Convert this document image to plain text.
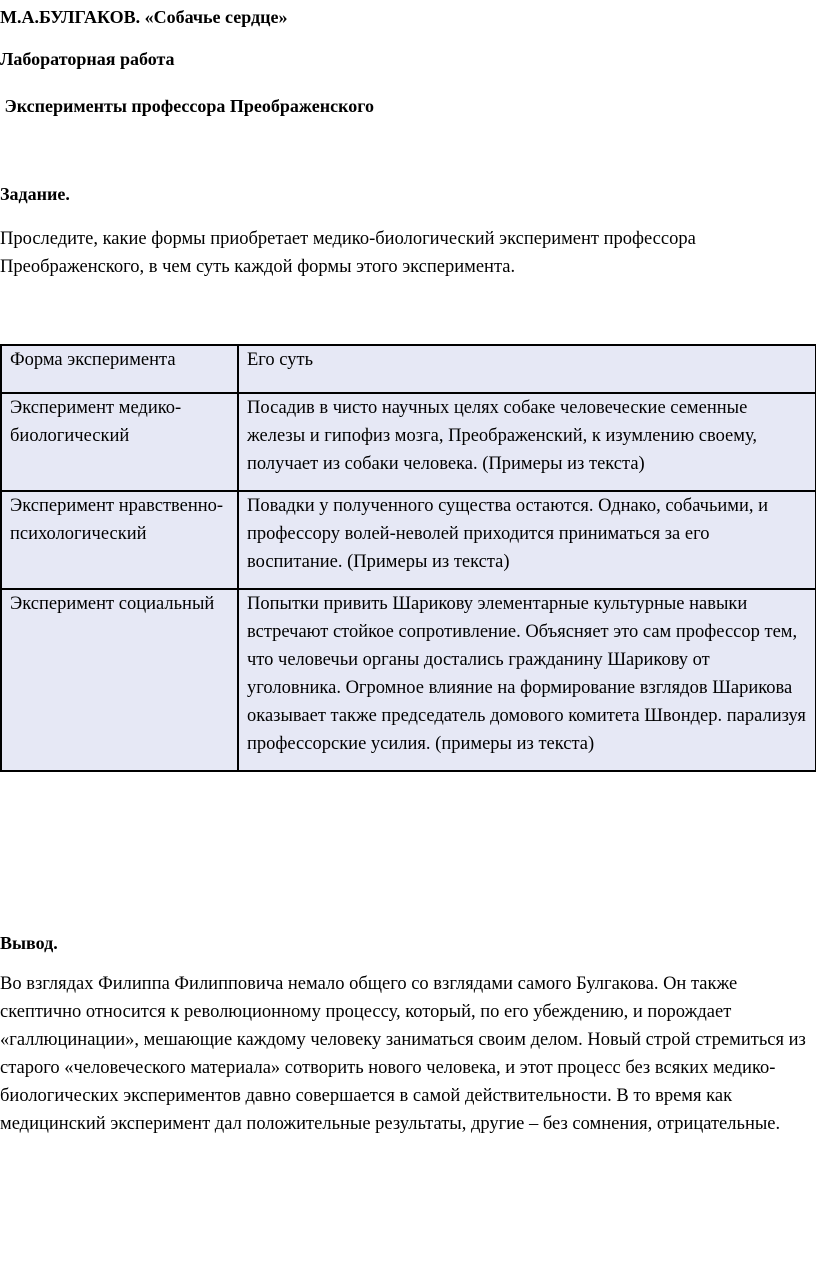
М.А.БУЛГАКОВ. «Собачье сердце»
Лабораторная работа
Эксперименты профессора Преображенского
Задание.
Проследите, какие формы приобретает медико-биологический эксперимент профессора Преображенского, в чем суть каждой формы этого эксперимента.
Форма эксперимента	Его суть
Эксперимент медико-биологический	Посадив в чисто научных целях собаке человеческие семенные железы и гипофиз мозга, Преображенский, к изумлению своему, получает из собаки человека. (Примеры из текста)
Эксперимент нравственно-психологический	Повадки у полученного существа остаются. Однако, собачьими, и профессору волей-неволей приходится приниматься за его воспитание. (Примеры из текста)
Эксперимент социальный	Попытки привить Шарикову элементарные культурные навыки встречают стойкое сопротивление. Объясняет это сам профессор тем, что человечьи органы достались гражданину Шарикову от уголовника. Огромное влияние на формирование взглядов Шарикова оказывает также председатель домового комитета Швондер. парализуя профессорские усилия. (примеры из текста)
Вывод.
Во взглядах Филиппа Филипповича немало общего со взглядами самого Булгакова. Он также скептично относится к революционному процессу, который, по его убеждению, и порождает «галлюцинации», мешающие каждому человеку заниматься своим делом. Новый строй стремиться из старого «человеческого материала» сотворить нового человека, и этот процесс без всяких медико-биологических экспериментов давно совершается в самой действительности. В то время как медицинский эксперимент дал положительные результаты, другие – без сомнения, отрицательные.
